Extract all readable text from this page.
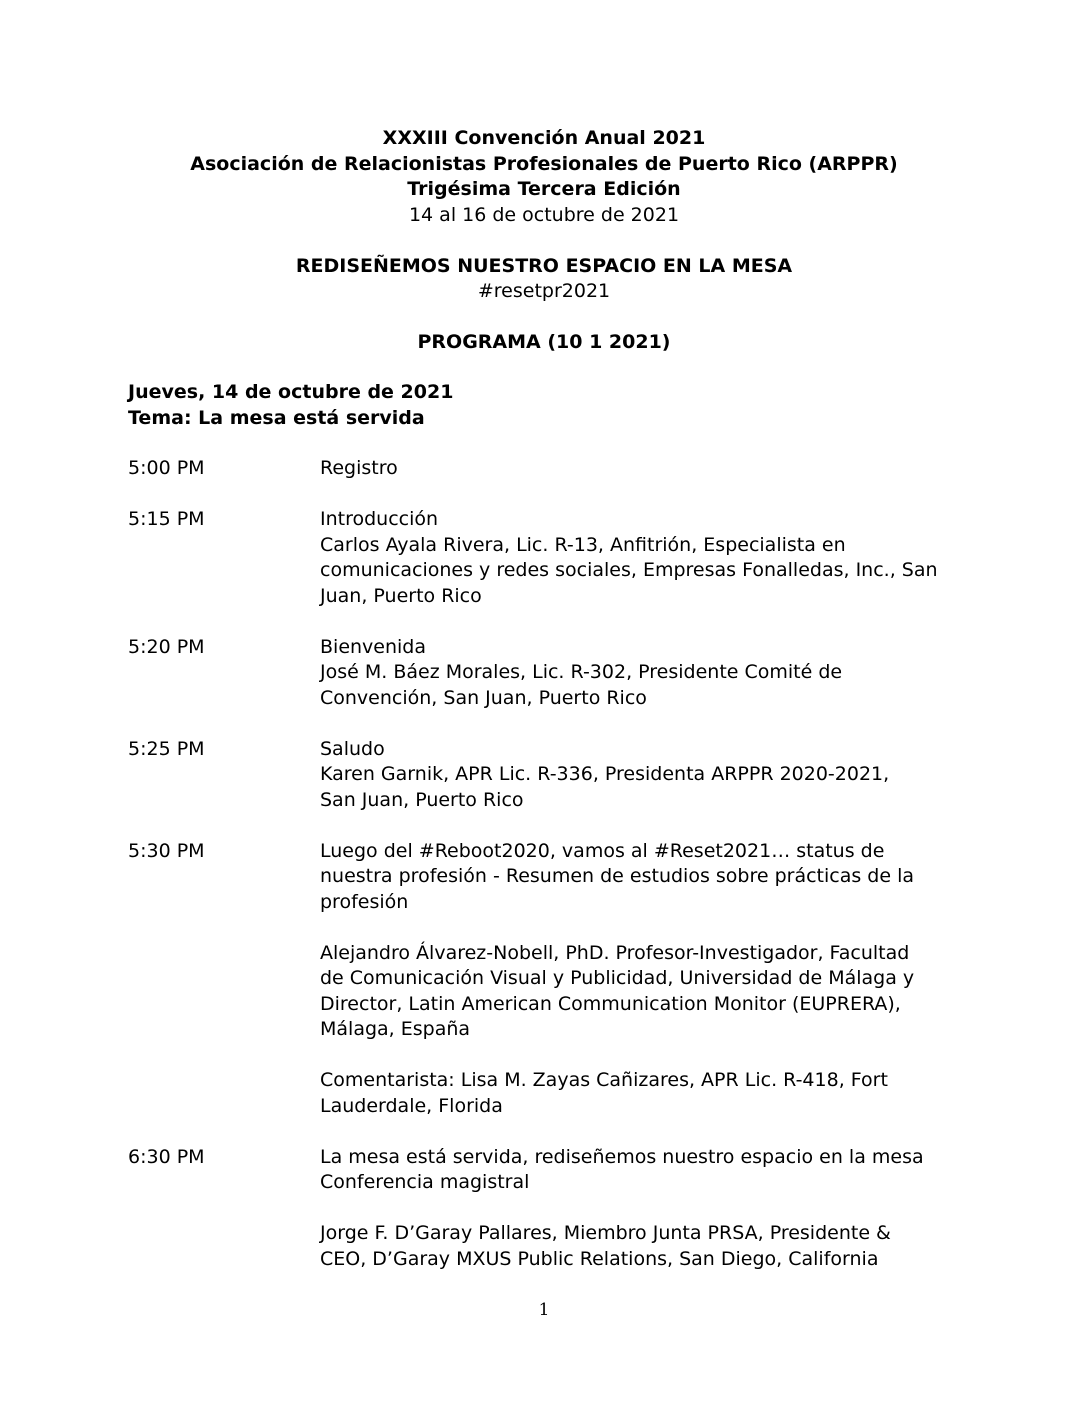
XXXIII Convención Anual 2021
Asociación de Relacionistas Profesionales de Puerto Rico (ARPPR)
Trigésima Tercera Edición
14 al 16 de octubre de 2021
REDISEÑEMOS NUESTRO ESPACIO EN LA MESA
#resetpr2021
PROGRAMA (10 1 2021)
Jueves, 14 de octubre de 2021
Tema: La mesa está servida
5:00 PM	Registro
5:15 PM	Introducción
Carlos Ayala Rivera, Lic. R-13, Anfitrión, Especialista en
comunicaciones y redes sociales, Empresas Fonalledas, Inc., San
Juan, Puerto Rico
5:20 PM	Bienvenida
José M. Báez Morales, Lic. R-302, Presidente Comité de
Convención, San Juan, Puerto Rico
5:25 PM	Saludo
Karen Garnik, APR Lic. R-336, Presidenta ARPPR 2020-2021,
San Juan, Puerto Rico
5:30 PM	Luego del #Reboot2020, vamos al #Reset2021… status de
nuestra profesión - Resumen de estudios sobre prácticas de la
profesión
Alejandro Álvarez-Nobell, PhD. Profesor-Investigador, Facultad
de Comunicación Visual y Publicidad, Universidad de Málaga y
Director, Latin American Communication Monitor (EUPRERA),
Málaga, España
Comentarista: Lisa M. Zayas Cañizares, APR Lic. R-418, Fort
Lauderdale, Florida
6:30 PM	La mesa está servida, rediseñemos nuestro espacio en la mesa
Conferencia magistral
Jorge F. D’Garay Pallares, Miembro Junta PRSA, Presidente &
CEO, D’Garay MXUS Public Relations, San Diego, California
1
